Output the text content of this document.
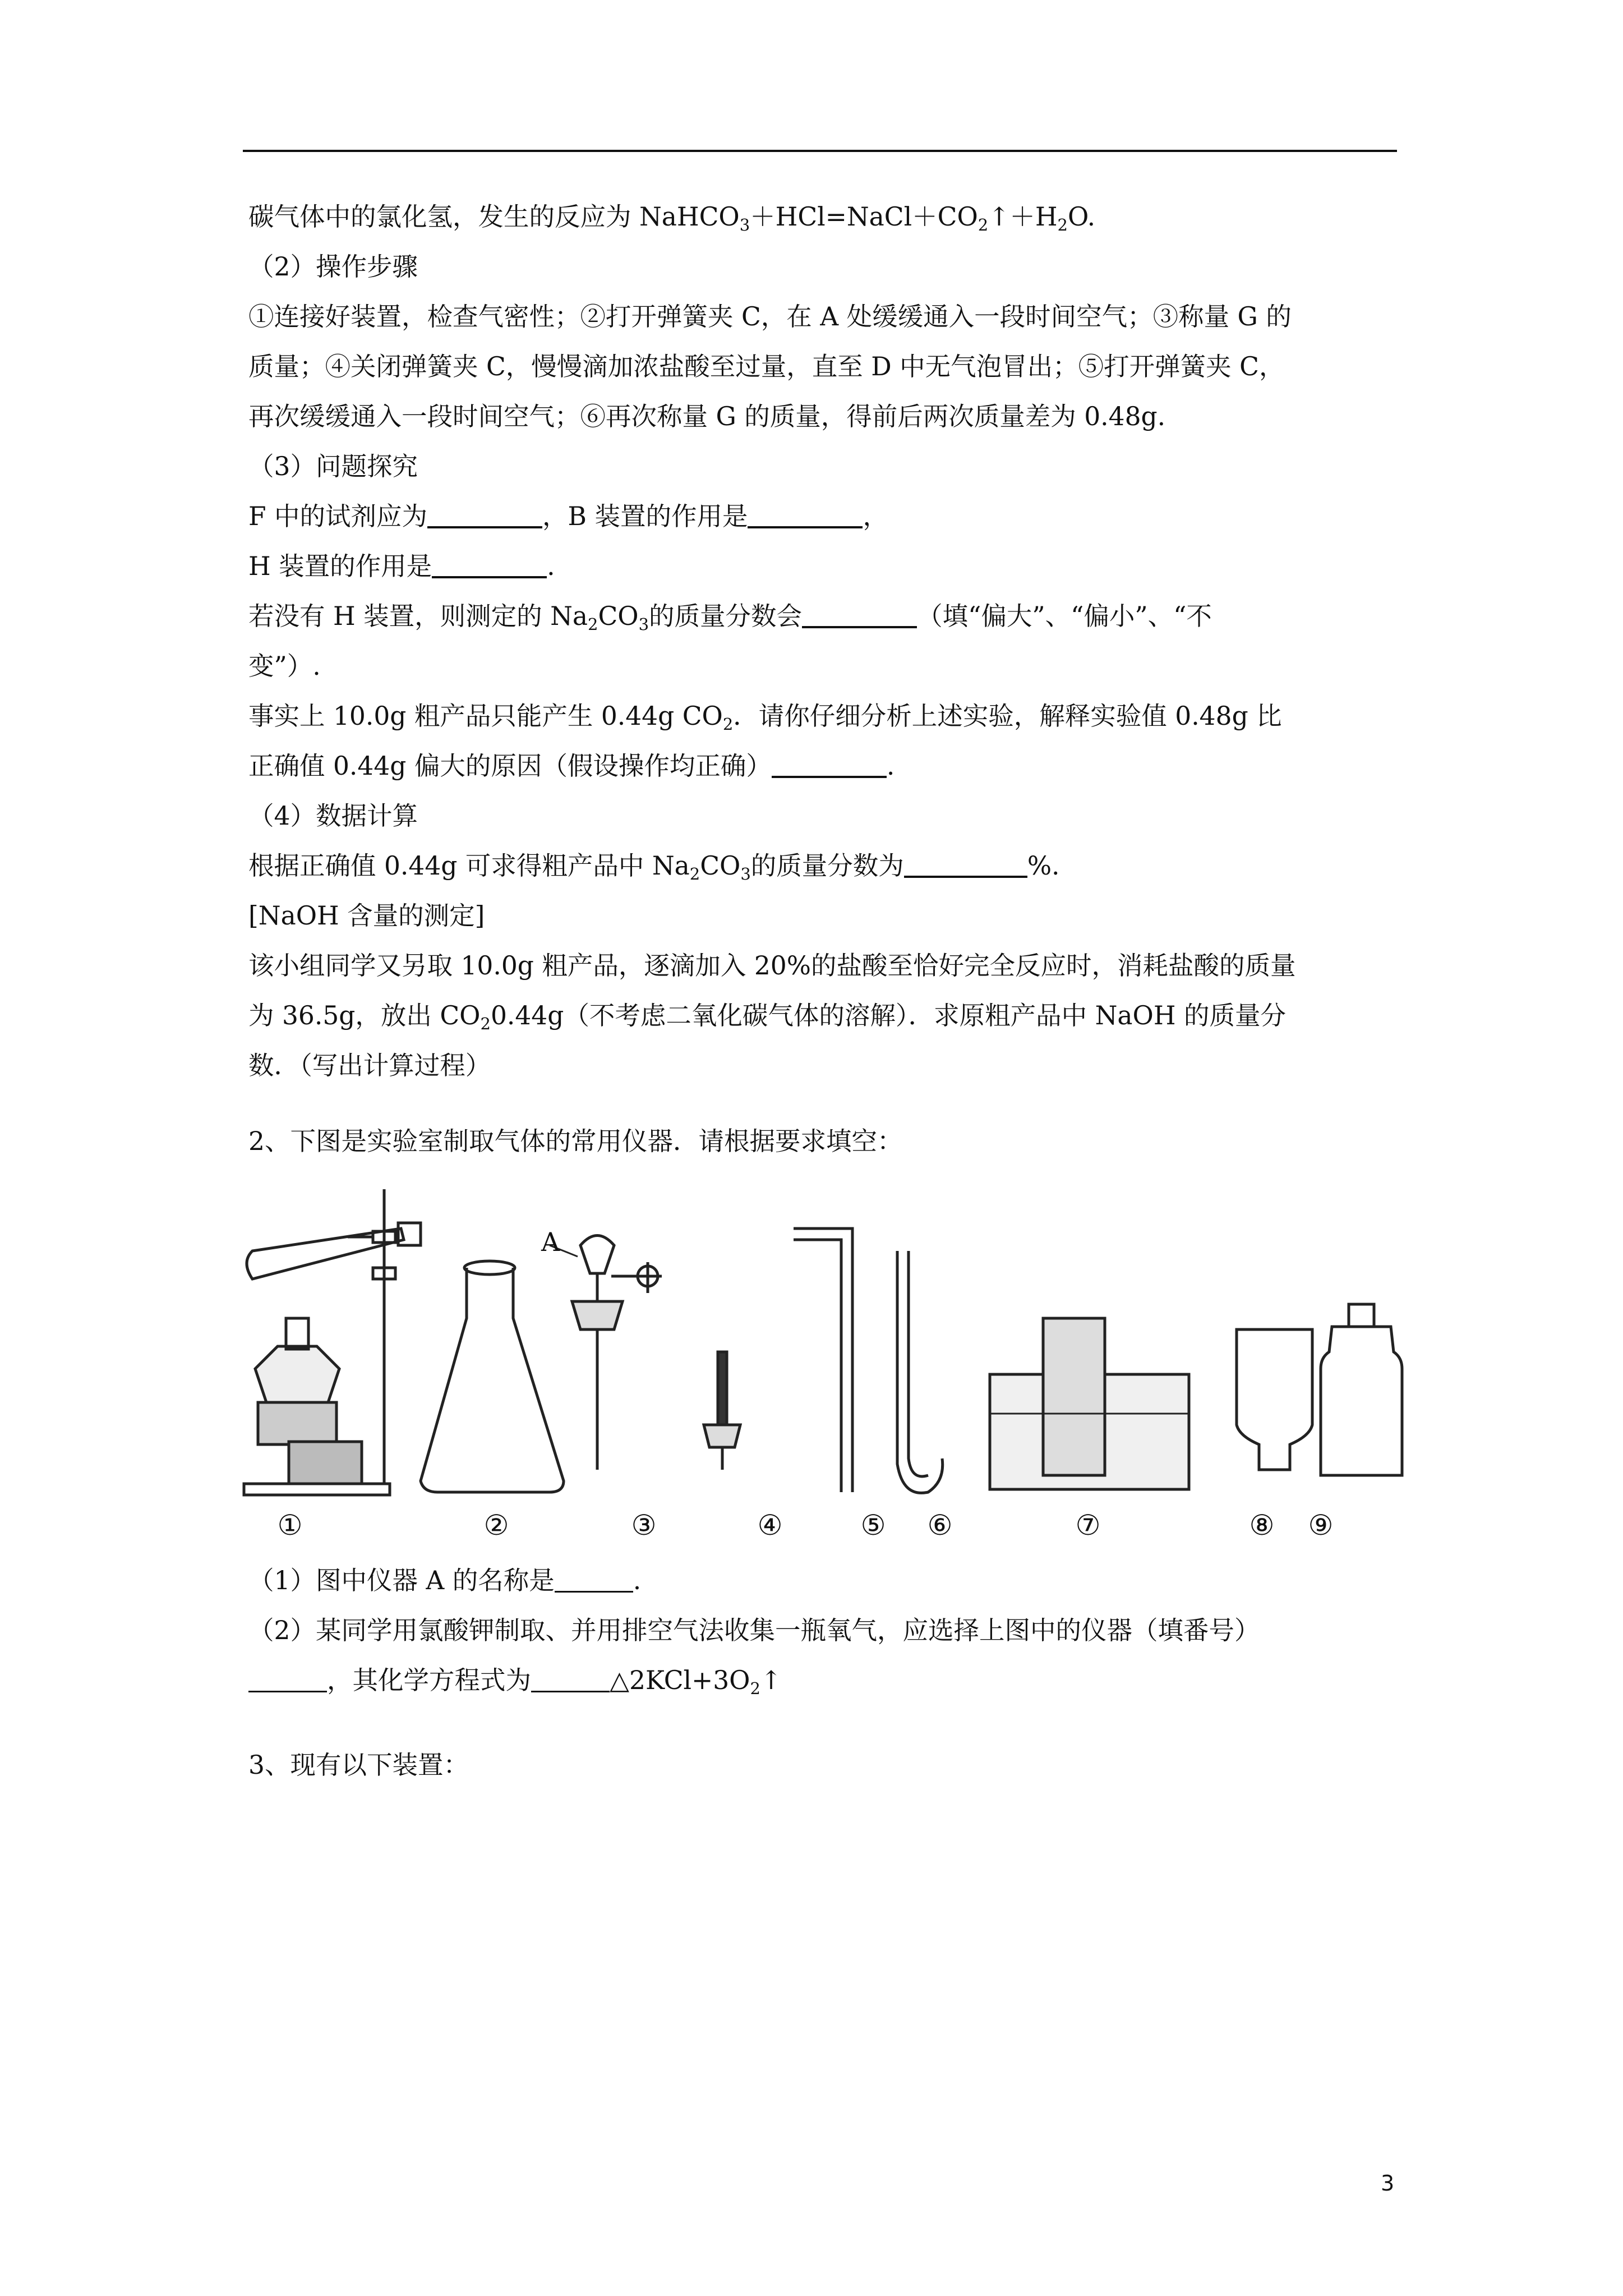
碳气体中的氯化氢，发生的反应为 $NaHCO_3+HCl=NaCl+CO_2↑+H_2O$.
（2）操作步骤
①连接好装置，检查气密性；②打开弹簧夹 C，在 A 处缓缓通入一段时间空气；③称量 G 的
质量；④关闭弹簧夹 C，慢慢滴加浓盐酸至过量，直至 D 中无气泡冒出；⑤打开弹簧夹 C，
再次缓缓通入一段时间空气；⑥再次称量 G 的质量，得前后两次质量差为 0.48g.
（3）问题探究
F 中的试剂应为	，B 装置的作用是	，
H 装置的作用是	.
若没有 H 装置，则测定的 $Na_2CO_3$的质量分数会	（填“偏大”、“偏小”、“不
变”）.
事实上 10.0g 粗产品只能产生 0.44g $CO_2$．请你仔细分析上述实验，解释实验值 0.48g 比
正确值 0.44g 偏大的原因（假设操作均正确）	.
（4）数据计算
根据正确值 0.44g 可求得粗产品中 $Na_2CO_3$的质量分数为	%.
[NaOH 含量的测定]
该小组同学又另取 10.0g 粗产品，逐滴加入 20%的盐酸至恰好完全反应时，消耗盐酸的质量
为 36.5g，放出 $CO_20.44g$（不考虑二氧化碳气体的溶解）．求原粗产品中 NaOH 的质量分
数．（写出计算过程）
2、下图是实验室制取气体的常用仪器．请根据要求填空：
A
①	②	③	④	⑤ ⑥	⑦	⑧ ⑨
（1）图中仪器 A 的名称是	.
（2）某同学用氯酸钾制取、并用排空气法收集一瓶氧气，应选择上图中的仪器（填番号）
，其化学方程式为	$\triangle 2KCl+3O_2↑$
3、现有以下装置：
3
